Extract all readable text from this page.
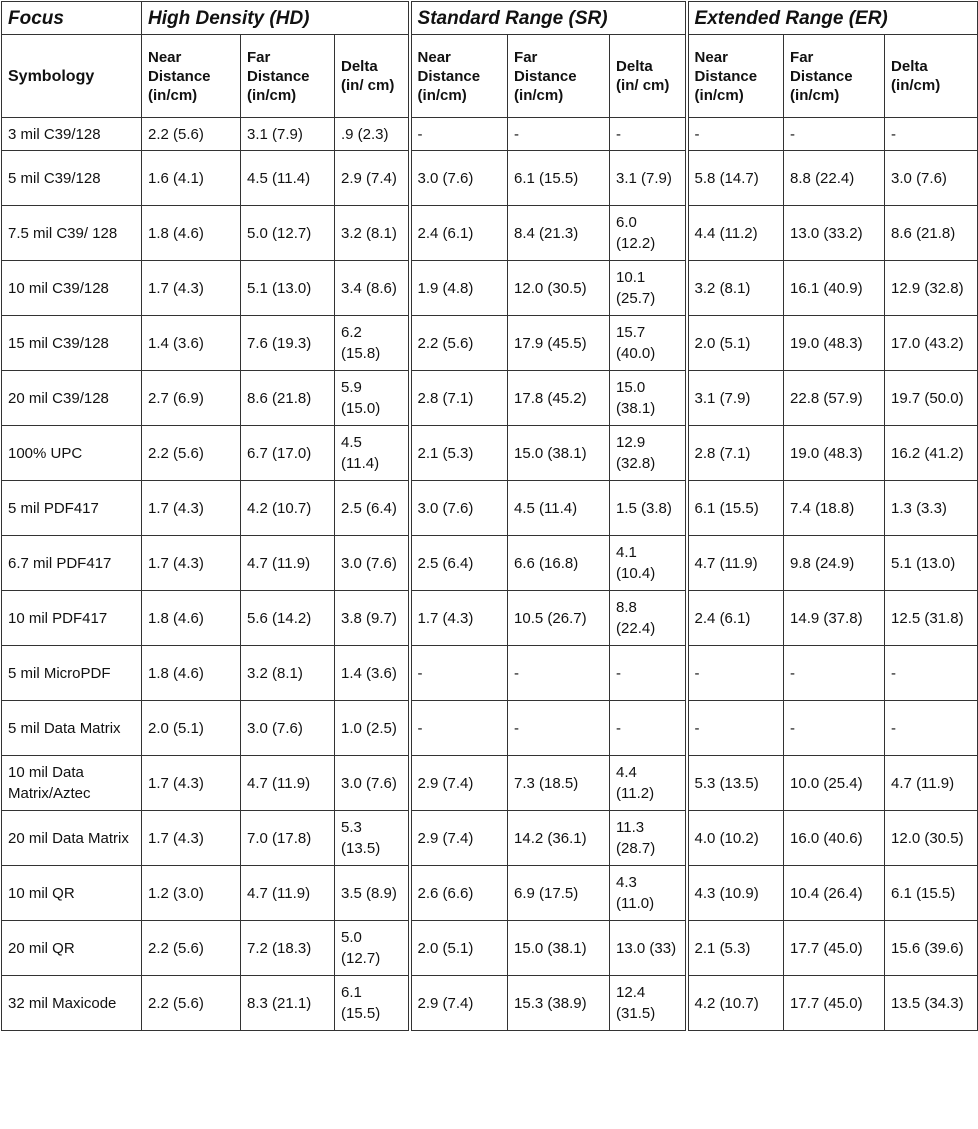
Focus	High Density (HD)			Standard Range (SR)			Extended Range (ER)		
Symbology	Near Distance (in/cm)	Far Distance (in/cm)	Delta (in/ cm)	Near Distance (in/cm)	Far Distance (in/cm)	Delta (in/ cm)	Near Distance (in/cm)	Far Distance (in/cm)	Delta (in/cm)
3 mil C39/128	2.2 (5.6)	3.1 (7.9)	.9 (2.3)	-	-	-	-	-	-
5 mil C39/128	1.6 (4.1)	4.5 (11.4)	2.9 (7.4)	3.0 (7.6)	6.1 (15.5)	3.1 (7.9)	5.8 (14.7)	8.8 (22.4)	3.0 (7.6)
7.5 mil C39/ 128	1.8 (4.6)	5.0 (12.7)	3.2 (8.1)	2.4 (6.1)	8.4 (21.3)	6.0 (12.2)	4.4 (11.2)	13.0 (33.2)	8.6 (21.8)
10 mil C39/128	1.7 (4.3)	5.1 (13.0)	3.4 (8.6)	1.9 (4.8)	12.0 (30.5)	10.1 (25.7)	3.2 (8.1)	16.1 (40.9)	12.9 (32.8)
15 mil C39/128	1.4 (3.6)	7.6 (19.3)	6.2 (15.8)	2.2 (5.6)	17.9 (45.5)	15.7 (40.0)	2.0 (5.1)	19.0 (48.3)	17.0 (43.2)
20 mil C39/128	2.7 (6.9)	8.6 (21.8)	5.9 (15.0)	2.8 (7.1)	17.8 (45.2)	15.0 (38.1)	3.1 (7.9)	22.8 (57.9)	19.7 (50.0)
100% UPC	2.2 (5.6)	6.7 (17.0)	4.5 (11.4)	2.1 (5.3)	15.0 (38.1)	12.9 (32.8)	2.8 (7.1)	19.0 (48.3)	16.2 (41.2)
5 mil PDF417	1.7 (4.3)	4.2 (10.7)	2.5 (6.4)	3.0 (7.6)	4.5 (11.4)	1.5 (3.8)	6.1 (15.5)	7.4 (18.8)	1.3 (3.3)
6.7 mil PDF417	1.7 (4.3)	4.7 (11.9)	3.0 (7.6)	2.5 (6.4)	6.6 (16.8)	4.1 (10.4)	4.7 (11.9)	9.8 (24.9)	5.1 (13.0)
10 mil PDF417	1.8 (4.6)	5.6 (14.2)	3.8 (9.7)	1.7 (4.3)	10.5 (26.7)	8.8 (22.4)	2.4 (6.1)	14.9 (37.8)	12.5 (31.8)
5 mil MicroPDF	1.8 (4.6)	3.2 (8.1)	1.4 (3.6)	-	-	-	-	-	-
5 mil Data Matrix	2.0 (5.1)	3.0 (7.6)	1.0 (2.5)	-	-	-	-	-	-
10 mil Data Matrix/Aztec	1.7 (4.3)	4.7 (11.9)	3.0 (7.6)	2.9 (7.4)	7.3 (18.5)	4.4 (11.2)	5.3 (13.5)	10.0 (25.4)	4.7 (11.9)
20 mil Data Matrix	1.7 (4.3)	7.0 (17.8)	5.3 (13.5)	2.9 (7.4)	14.2 (36.1)	11.3 (28.7)	4.0 (10.2)	16.0 (40.6)	12.0 (30.5)
10 mil QR	1.2 (3.0)	4.7 (11.9)	3.5 (8.9)	2.6 (6.6)	6.9 (17.5)	4.3 (11.0)	4.3 (10.9)	10.4 (26.4)	6.1 (15.5)
20 mil QR	2.2 (5.6)	7.2 (18.3)	5.0 (12.7)	2.0 (5.1)	15.0 (38.1)	13.0 (33)	2.1 (5.3)	17.7 (45.0)	15.6 (39.6)
32 mil Maxicode	2.2 (5.6)	8.3 (21.1)	6.1 (15.5)	2.9 (7.4)	15.3 (38.9)	12.4 (31.5)	4.2 (10.7)	17.7 (45.0)	13.5 (34.3)
